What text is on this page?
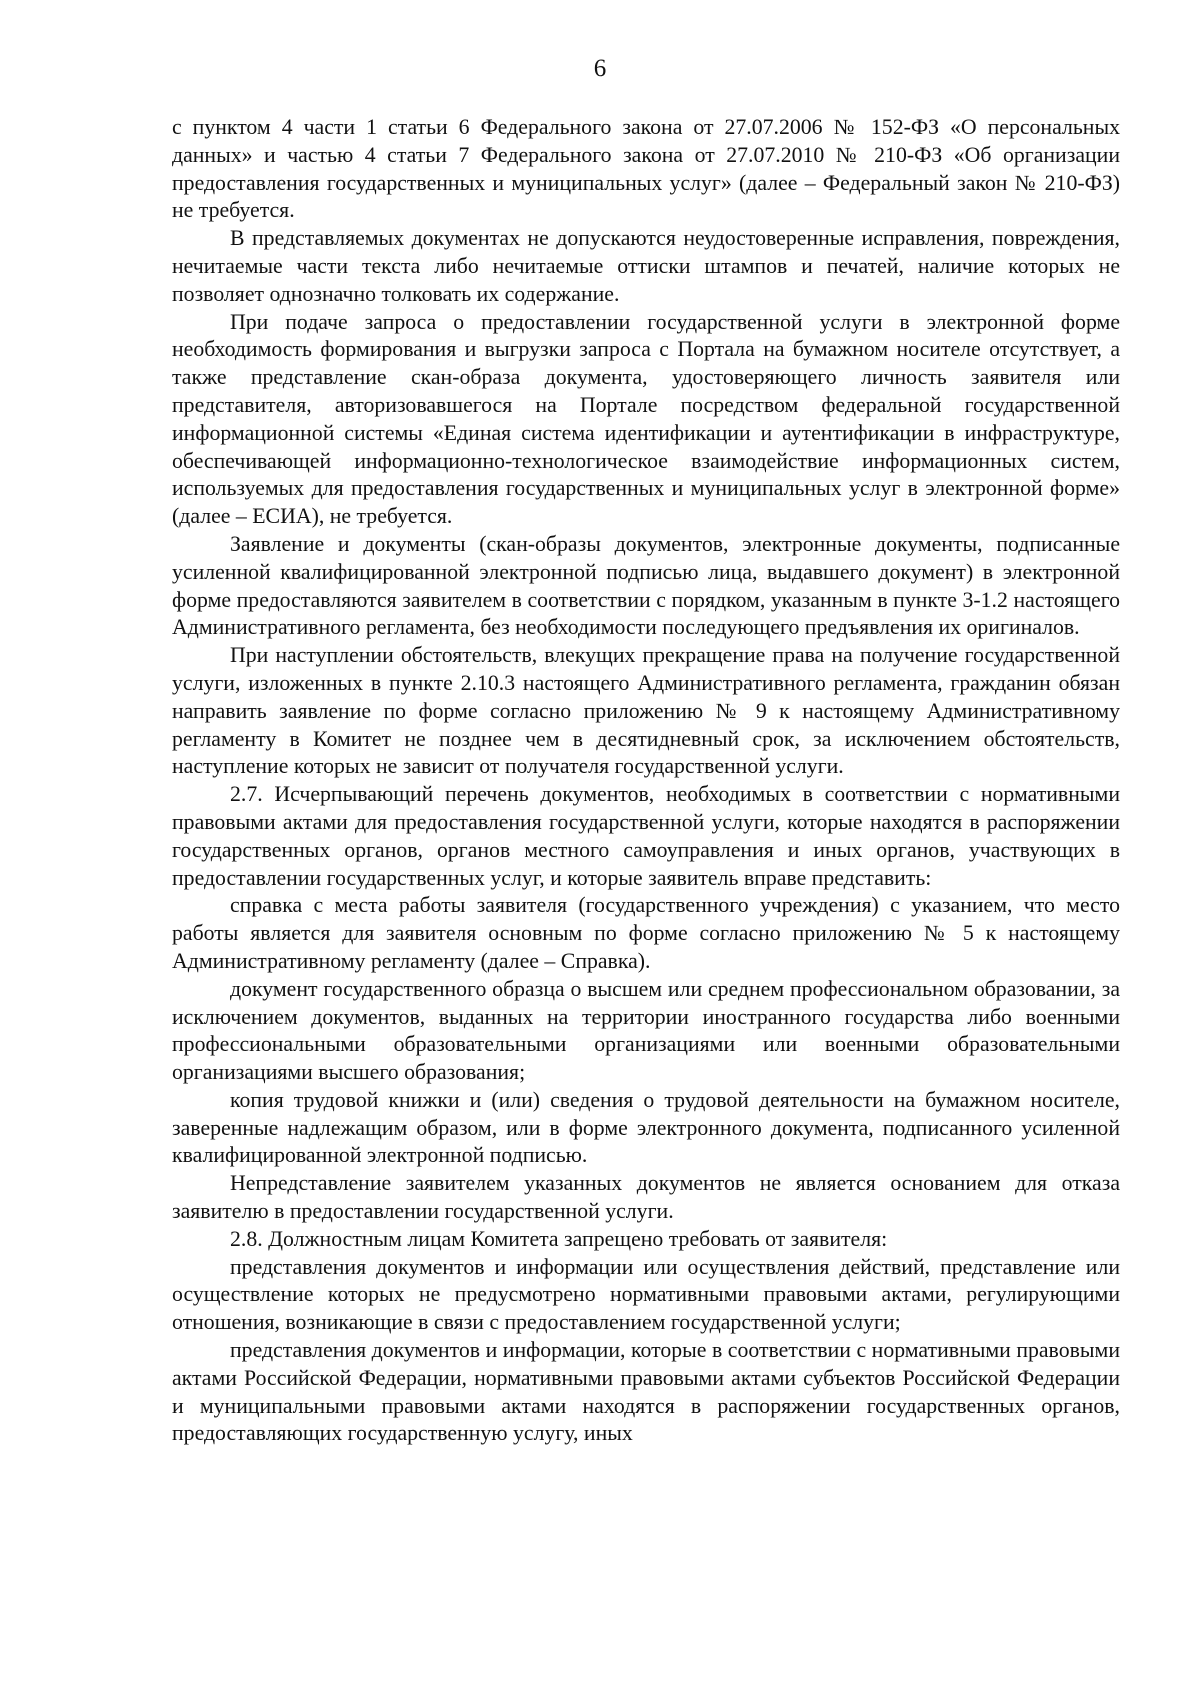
6

с пунктом 4 части 1 статьи 6 Федерального закона от 27.07.2006 № 152-ФЗ «О персональных данных» и частью 4 статьи 7 Федерального закона от 27.07.2010 № 210-ФЗ «Об организации предоставления государственных и муниципальных услуг» (далее – Федеральный закон № 210-ФЗ) не требуется.

В представляемых документах не допускаются неудостоверенные исправления, повреждения, нечитаемые части текста либо нечитаемые оттиски штампов и печатей, наличие которых не позволяет однозначно толковать их содержание.

При подаче запроса о предоставлении государственной услуги в электронной форме необходимость формирования и выгрузки запроса с Портала на бумажном носителе отсутствует, а также представление скан-образа документа, удостоверяющего личность заявителя или представителя, авторизовавшегося на Портале посредством федеральной государственной информационной системы «Единая система идентификации и аутентификации в инфраструктуре, обеспечивающей информационно-технологическое взаимодействие информационных систем, используемых для предоставления государственных и муниципальных услуг в электронной форме» (далее – ЕСИА), не требуется.

Заявление и документы (скан-образы документов, электронные документы, подписанные усиленной квалифицированной электронной подписью лица, выдавшего документ) в электронной форме предоставляются заявителем в соответствии с порядком, указанным в пункте 3-1.2 настоящего Административного регламента, без необходимости последующего предъявления их оригиналов.

При наступлении обстоятельств, влекущих прекращение права на получение государственной услуги, изложенных в пункте 2.10.3 настоящего Административного регламента, гражданин обязан направить заявление по форме согласно приложению № 9 к настоящему Административному регламенту в Комитет не позднее чем в десятидневный срок, за исключением обстоятельств, наступление которых не зависит от получателя государственной услуги.

2.7. Исчерпывающий перечень документов, необходимых в соответствии с нормативными правовыми актами для предоставления государственной услуги, которые находятся в распоряжении государственных органов, органов местного самоуправления и иных органов, участвующих в предоставлении государственных услуг, и которые заявитель вправе представить:

справка с места работы заявителя (государственного учреждения) с указанием, что место работы является для заявителя основным по форме согласно приложению № 5 к настоящему Административному регламенту (далее – Справка).

документ государственного образца о высшем или среднем профессиональном образовании, за исключением документов, выданных на территории иностранного государства либо военными профессиональными образовательными организациями или военными образовательными организациями высшего образования;

копия трудовой книжки и (или) сведения о трудовой деятельности на бумажном носителе, заверенные надлежащим образом, или в форме электронного документа, подписанного усиленной квалифицированной электронной подписью.

Непредставление заявителем указанных документов не является основанием для отказа заявителю в предоставлении государственной услуги.

2.8. Должностным лицам Комитета запрещено требовать от заявителя:

представления документов и информации или осуществления действий, представление или осуществление которых не предусмотрено нормативными правовыми актами, регулирующими отношения, возникающие в связи с предоставлением государственной услуги;

представления документов и информации, которые в соответствии с нормативными правовыми актами Российской Федерации, нормативными правовыми актами субъектов Российской Федерации и муниципальными правовыми актами находятся в распоряжении государственных органов, предоставляющих государственную услугу, иных
